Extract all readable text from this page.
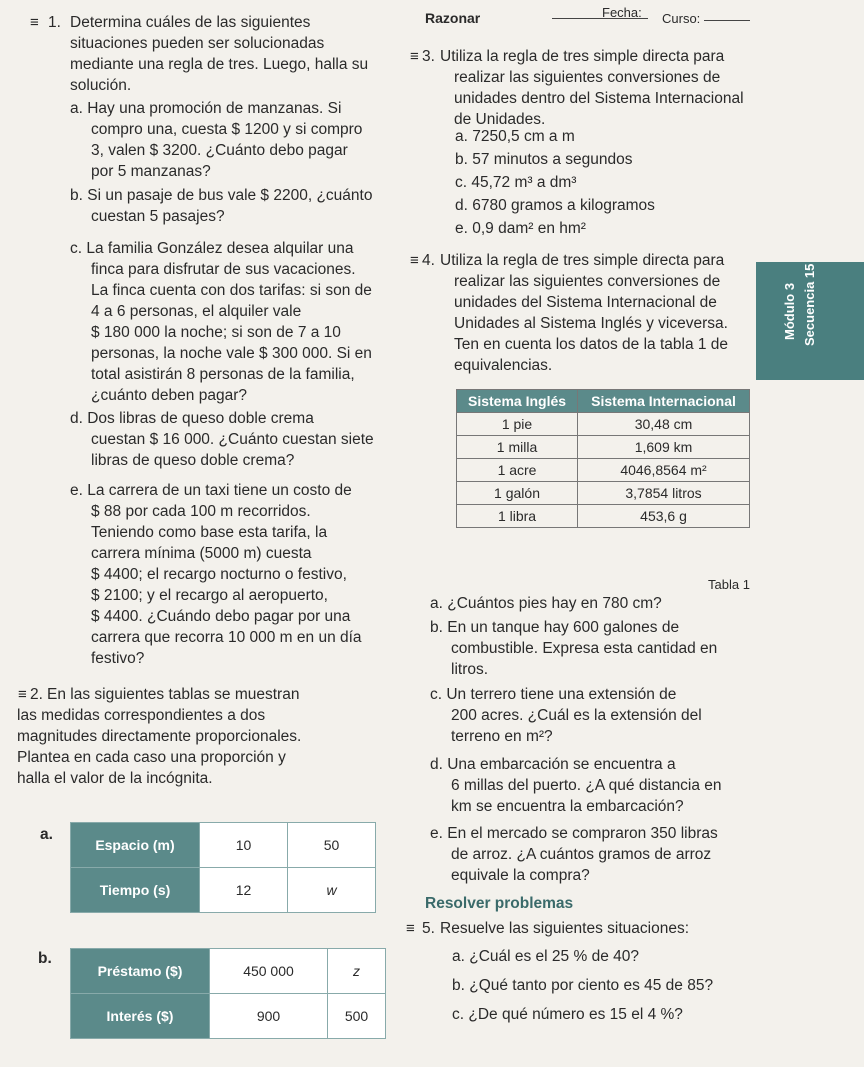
Fecha:
Razonar	Curso:
Módulo 3 Secuencia 15
≡ 1. Determina cuáles de las siguientes
situaciones pueden ser solucionadas
mediante una regla de tres. Luego, halla su
solución.
a. Hay una promoción de manzanas. Si
compro una, cuesta $ 1200 y si compro
3, valen $ 3200. ¿Cuánto debo pagar
por 5 manzanas?
b. Si un pasaje de bus vale $ 2200, ¿cuánto
cuestan 5 pasajes?
c. La familia González desea alquilar una
finca para disfrutar de sus vacaciones.
La finca cuenta con dos tarifas: si son de
4 a 6 personas, el alquiler vale
$ 180 000 la noche; si son de 7 a 10
personas, la noche vale $ 300 000. Si en
total asistirán 8 personas de la familia,
¿cuánto deben pagar?
d. Dos libras de queso doble crema
cuestan $ 16 000. ¿Cuánto cuestan siete
libras de queso doble crema?
e. La carrera de un taxi tiene un costo de
$ 88 por cada 100 m recorridos.
Teniendo como base esta tarifa, la
carrera mínima (5000 m) cuesta
$ 4400; el recargo nocturno o festivo,
$ 2100; y el recargo al aeropuerto,
$ 4400. ¿Cuándo debo pagar por una
carrera que recorra 10 000 m en un día
festivo?
≡ 2. En las siguientes tablas se muestran
las medidas correspondientes a dos
magnitudes directamente proporcionales.
Plantea en cada caso una proporción y
halla el valor de la incógnita.
a.
Espacio (m)	10	50
Tiempo (s)	12	w
b.
Préstamo ($)	450 000	z
Interés ($)	900	500
≡ 3. Utiliza la regla de tres simple directa para
realizar las siguientes conversiones de
unidades dentro del Sistema Internacional
de Unidades.
a. 7250,5 cm a m
b. 57 minutos a segundos
c. 45,72 m³ a dm³
d. 6780 gramos a kilogramos
e. 0,9 dam² en hm²
≡ 4. Utiliza la regla de tres simple directa para
realizar las siguientes conversiones de
unidades del Sistema Internacional de
Unidades al Sistema Inglés y viceversa.
Ten en cuenta los datos de la tabla 1 de
equivalencias.
Sistema Inglés	Sistema Internacional
1 pie	30,48 cm
1 milla	1,609 km
1 acre	4046,8564 m²
1 galón	3,7854 litros
1 libra	453,6 g
Tabla 1
a. ¿Cuántos pies hay en 780 cm?
b. En un tanque hay 600 galones de
combustible. Expresa esta cantidad en
litros.
c. Un terrero tiene una extensión de
200 acres. ¿Cuál es la extensión del
terreno en m²?
d. Una embarcación se encuentra a
6 millas del puerto. ¿A qué distancia en
km se encuentra la embarcación?
e. En el mercado se compraron 350 libras
de arroz. ¿A cuántos gramos de arroz
equivale la compra?
Resolver problemas
≡ 5. Resuelve las siguientes situaciones:
a. ¿Cuál es el 25 % de 40?
b. ¿Qué tanto por ciento es 45 de 85?
c. ¿De qué número es 15 el 4 %?
